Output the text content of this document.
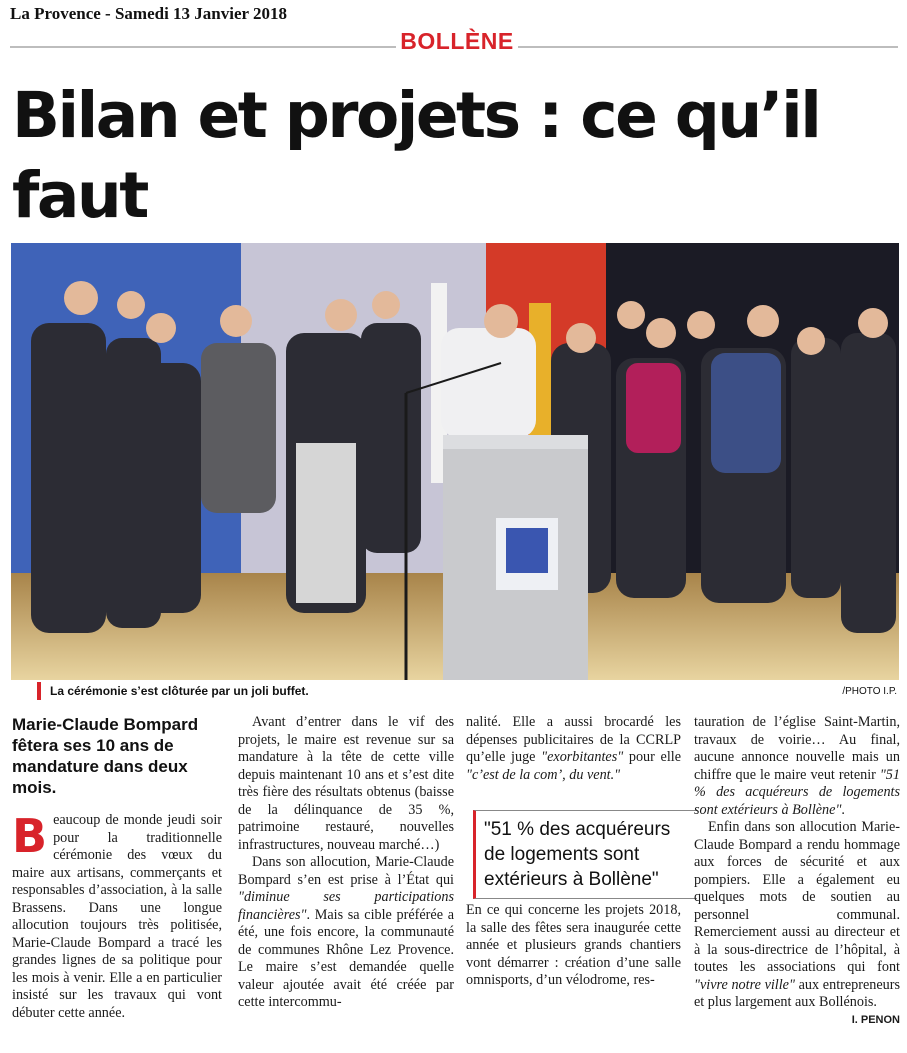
La Provence - Samedi 13 Janvier 2018
BOLLÈNE
Bilan et projets : ce qu’il faut
La cérémonie s’est clôturée par un joli buffet.	/PHOTO I.P.
Marie-Claude Bompard fêtera ses 10 ans de mandature dans deux mois.

Beaucoup de monde jeudi soir pour la traditionnelle cérémonie des vœux du maire aux artisans, commerçants et responsables d’association, à la salle Brassens. Dans une longue allocution toujours très politisée, Marie-Claude Bompard a tracé les grandes lignes de sa politique pour les mois à venir. Elle a en particulier insisté sur les travaux qui vont débuter cette année.

Avant d’entrer dans le vif des projets, le maire est revenue sur sa mandature à la tête de cette ville depuis maintenant 10 ans et s’est dite très fière des résultats obtenus (baisse de la délinquance de 35 %, patrimoine restauré, nouvelles infrastructures, nouveau marché…)

Dans son allocution, Marie-Claude Bompard s’en est prise à l’État qui "diminue ses participations financières". Mais sa cible préférée a été, une fois encore, la communauté de communes Rhône Lez Provence. Le maire s’est demandée quelle valeur ajoutée avait été créée par cette intercommu-

nalité. Elle a aussi brocardé les dépenses publicitaires de la CCRLP qu’elle juge "exorbitantes" pour elle "c’est de la com’, du vent."

En ce qui concerne les projets 2018, la salle des fêtes sera inaugurée cette année et plusieurs grands chantiers vont démarrer : création d’une salle omnisports, d’un vélodrome, res-

"51 % des acquéreurs de logements sont extérieurs à Bollène"

tauration de l’église Saint-Martin, travaux de voirie… Au final, aucune annonce nouvelle mais un chiffre que le maire veut retenir "51 % des acquéreurs de logements sont extérieurs à Bollène".

Enfin dans son allocution Marie-Claude Bompard a rendu hommage aux forces de sécurité et aux pompiers. Elle a également eu quelques mots de soutien au personnel communal. Remerciement aussi au directeur et à la sous-directrice de l’hôpital, à toutes les associations qui font "vivre notre ville" aux entrepreneurs et plus largement aux Bollénois.
I. PENON
